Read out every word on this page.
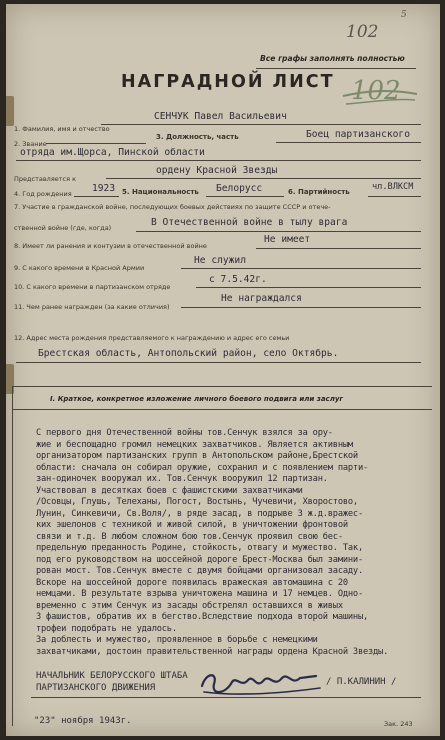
102
5
Все графы заполнять полностью
НАГРАДНОЙ ЛИСТ 102
1. Фамилия, имя и отчество
СЕНЧУК Павел Васильевич
2. Звание
3. Должность, часть	Боец партизанского
отряда им.Щорса, Пинской области
Представляется к
ордену Красной Звезды
4. Год рождения 1923 5. Национальность Белорусс	6. Партийность	чл.ВЛКСМ
7. Участие в гражданской войне, последующих боевых действиях по защите СССР и отече-
ственной войне (где, когда)	В Отечественной войне в тылу врага
8. Имеет ли ранения и контузии в отечественной войне
Не имеет
9. С какого времени в Красной Армии
Не служил
10. С какого времени в партизанском отряде
с 7.5.42г.
11. Чем ранее награжден (за какие отличия)
Не награждался
12. Адрес места рождения представляемого к награждению и адрес его семьи
Брестская область, Антопольский район, село Октябрь.
I. Краткое, конкретное изложение личного боевого подвига или заслуг
С первого дня Отечественной войны тов.Сенчук взялся за ору-
жие и беспощадно громил немецких захватчиков. Является активным
организатором партизанских групп в Антопольском районе,Брестской
области: сначала он собирал оружие, сохранил и с появлением парти-
зан-одиночек вооружал их. Тов.Сенчук вооружил 12 партизан.
Участвовал в десятках боев с фашистскими захватчиками
/Осовцы, Глушь, Телеханы, Погост, Востынь, Чучевичи, Хворостово,
Лунин, Синкевичи, Св.Воля/, в ряде засад, в подрыве 3 ж.д.вражес-
ких эшелонов с техникой и живой силой, в уничтожении фронтовой
связи и т.д. В любом сложном бою тов.Сенчук проявил свою бес-
предельную преданность Родине, стойкость, отвагу и мужество. Так,
под его руководством на шоссейной дороге Брест-Москва был замини-
рован мост. Тов.Сенчук вместе с двумя бойцами организовал засаду.
Вскоре на шоссейной дороге появилась вражеская автомашина с 20
немцами. В результате взрыва уничтожена машина и 17 немцев. Одно-
временно с этим Сенчук из засады обстрелял оставшихся в живых
3 фашистов, обратив их в бегство.Вследствие подхода второй машины,
трофеи подобрать не удалось.
За доблесть и мужество, проявленное в борьбе с немецкими
захватчиками, достоин правительственной награды ордена Красной Звезды.
НАЧАЛЬНИК БЕЛОРУССКОГО ШТАБА
ПАРТИЗАНСКОГО ДВИЖЕНИЯ
/ П.КАЛИНИН /
"23" ноября 1943г.	Зак. 243
